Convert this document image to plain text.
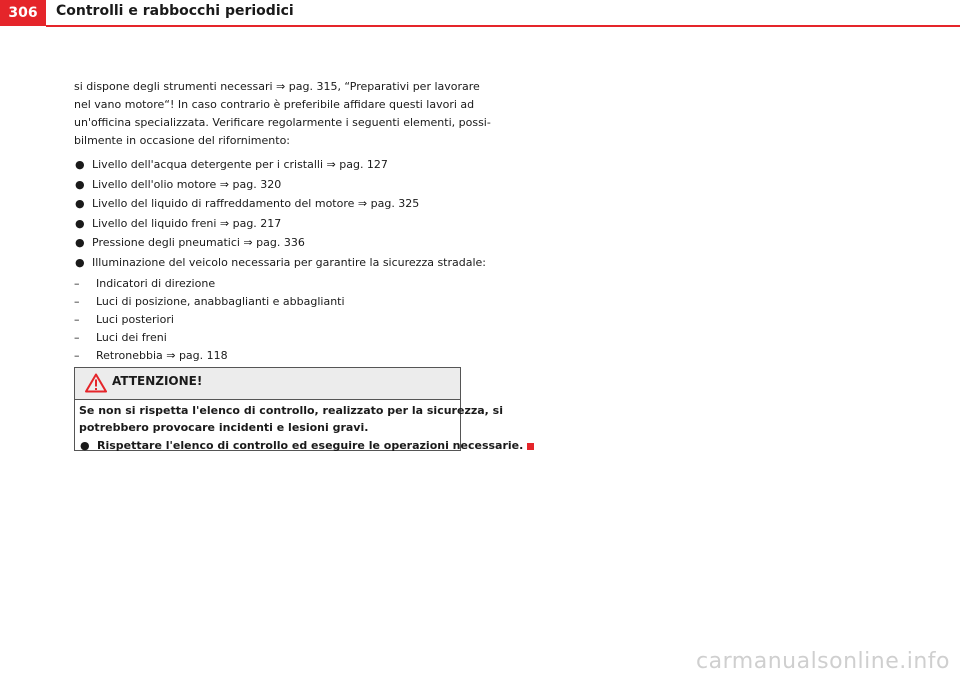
306	Controlli e rabbocchi periodici
si dispone degli strumenti necessari ⇒ pag. 315, “Preparativi per lavorare
nel vano motore“! In caso contrario è preferibile affidare questi lavori ad
un'officina specializzata. Verificare regolarmente i seguenti elementi, possi-
bilmente in occasione del rifornimento:
● Livello dell'acqua detergente per i cristalli ⇒ pag. 127
● Livello dell'olio motore ⇒ pag. 320
● Livello del liquido di raffreddamento del motore ⇒ pag. 325
● Livello del liquido freni ⇒ pag. 217
● Pressione degli pneumatici ⇒ pag. 336
● Illuminazione del veicolo necessaria per garantire la sicurezza stradale:
– Indicatori di direzione
– Luci di posizione, anabbaglianti e abbaglianti
– Luci posteriori
– Luci dei freni
– Retronebbia ⇒ pag. 118
ATTENZIONE!
Se non si rispetta l'elenco di controllo, realizzato per la sicurezza, si
potrebbero provocare incidenti e lesioni gravi.
● Rispettare l'elenco di controllo ed eseguire le operazioni necessarie.
carmanualsonline.info
